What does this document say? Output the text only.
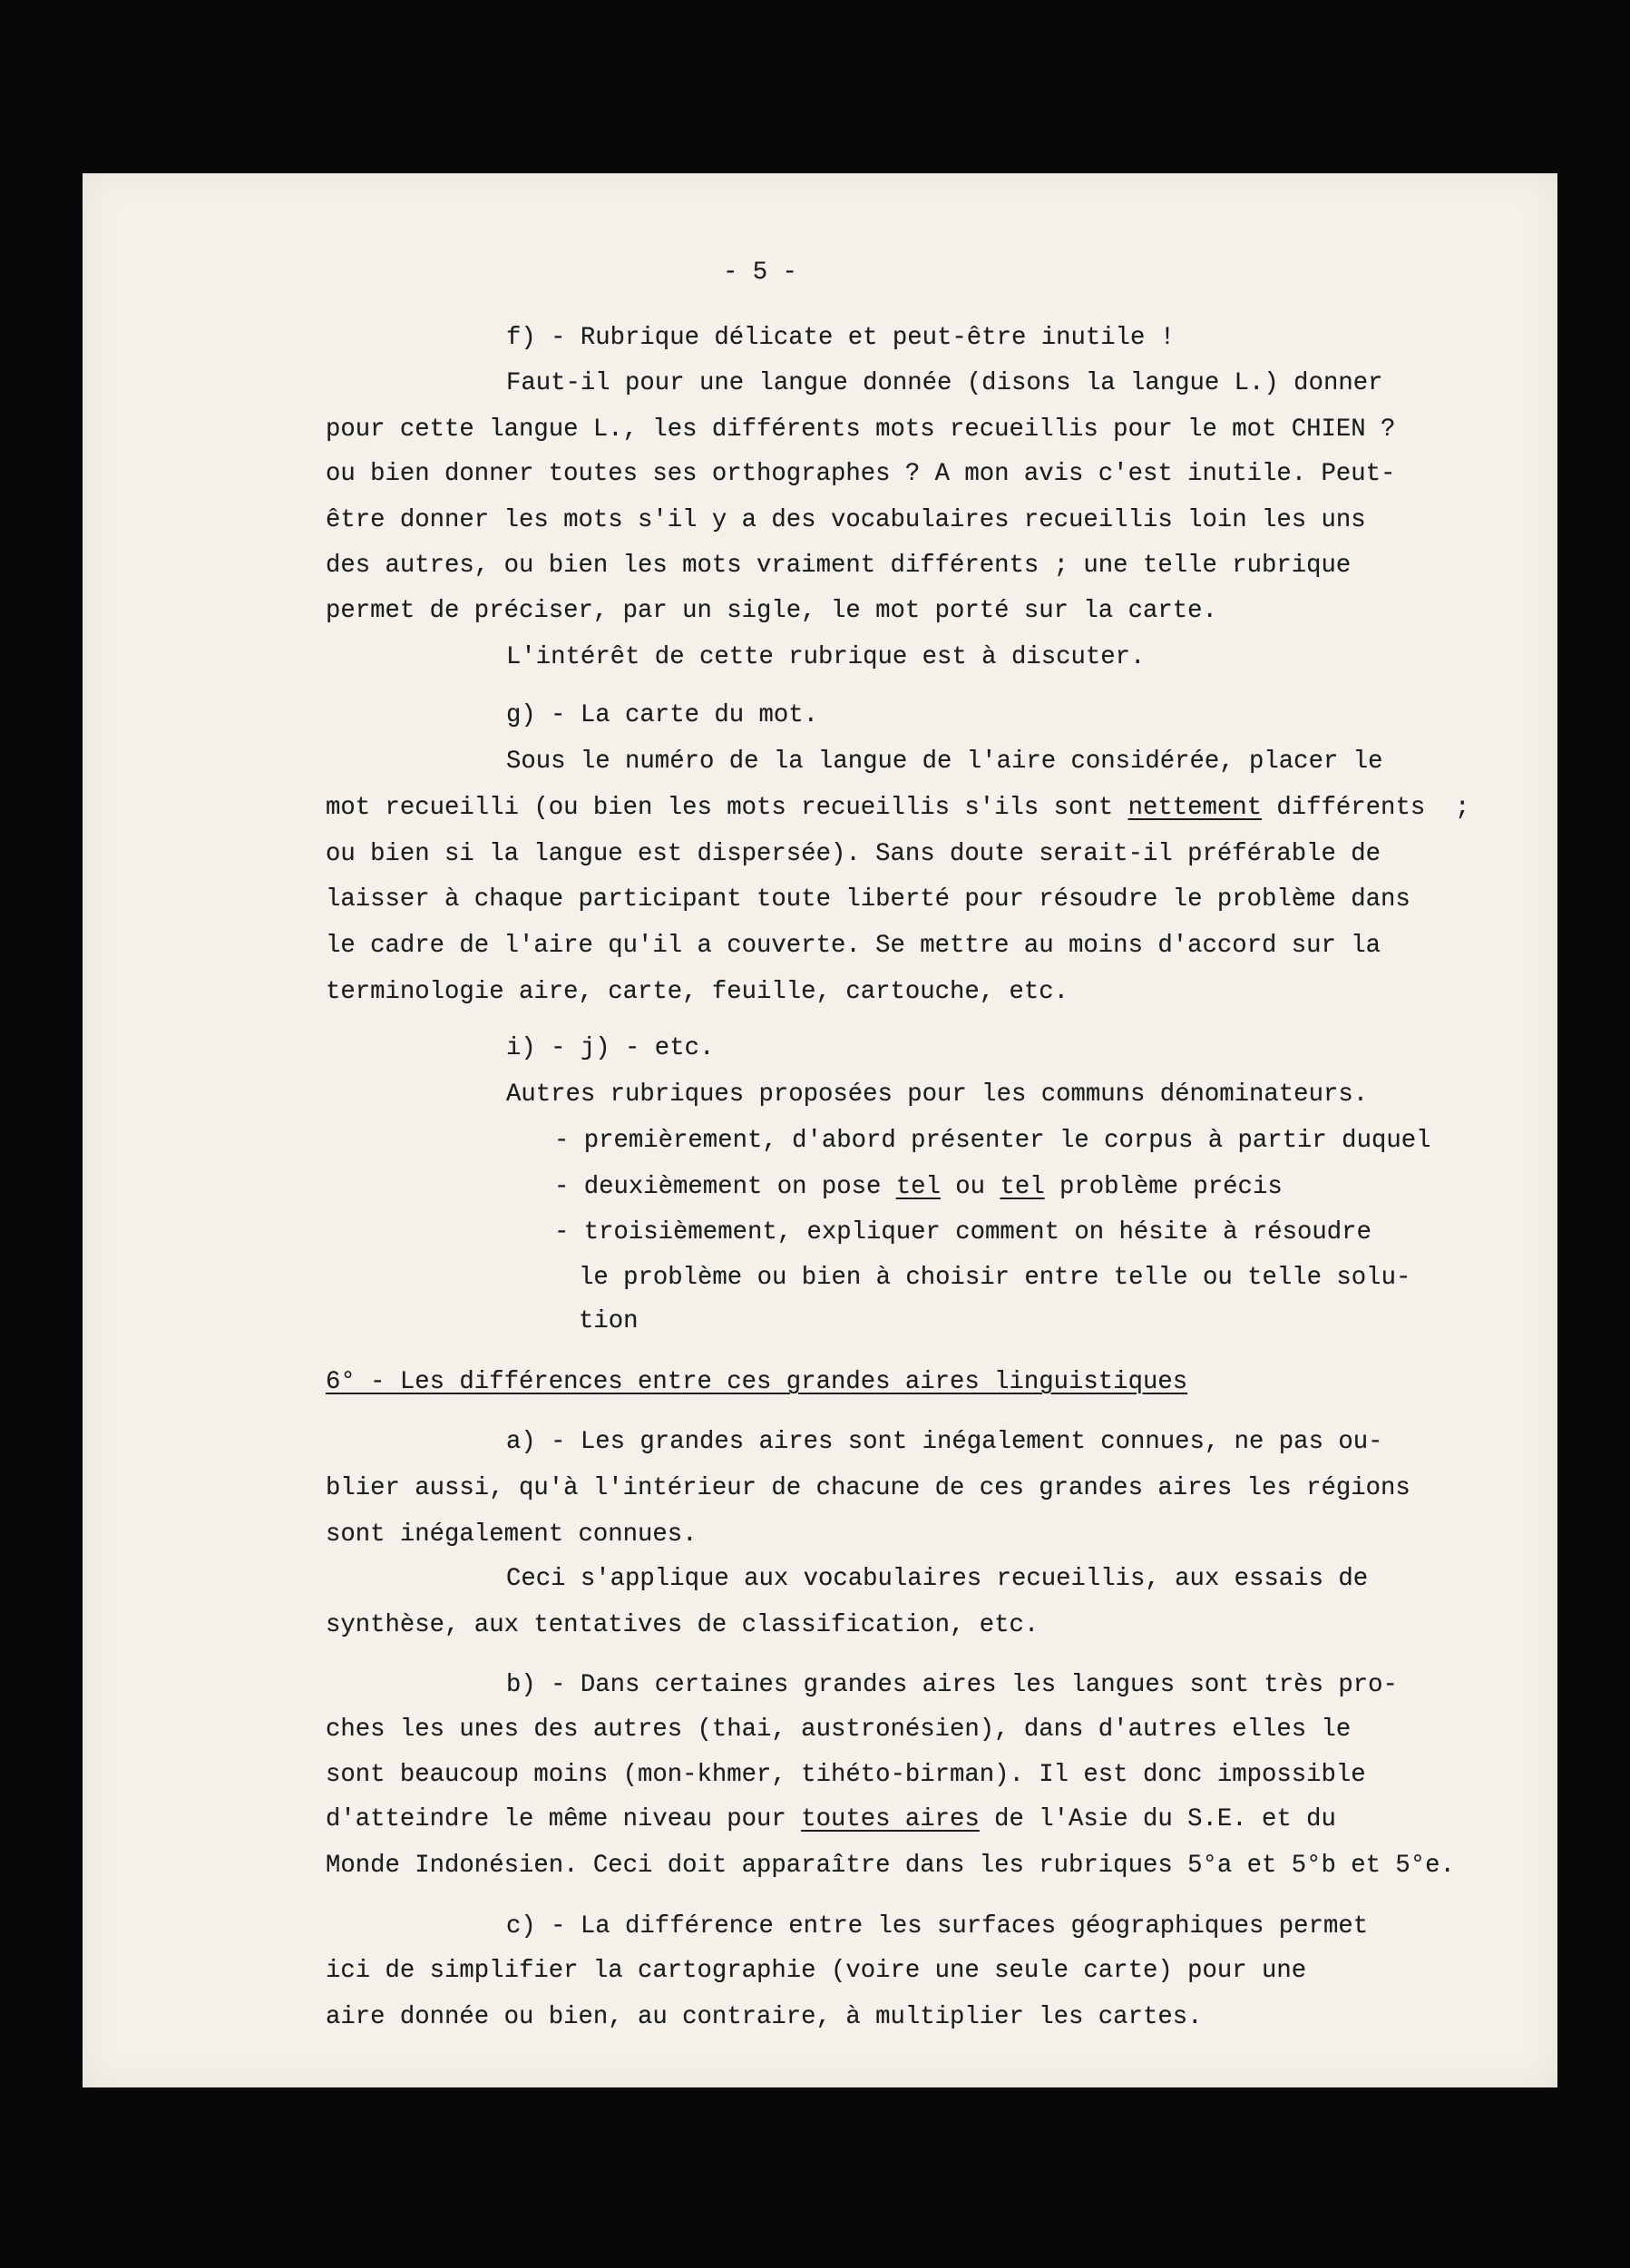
- 5 -
f) - Rubrique délicate et peut-être inutile !
Faut-il pour une langue donnée (disons la langue L.) donner
pour cette langue L., les différents mots recueillis pour le mot CHIEN ?
ou bien donner toutes ses orthographes ? A mon avis c'est inutile. Peut-
être donner les mots s'il y a des vocabulaires recueillis loin les uns
des autres, ou bien les mots vraiment différents ; une telle rubrique
permet de préciser, par un sigle, le mot porté sur la carte.
L'intérêt de cette rubrique est à discuter.
g) - La carte du mot.
Sous le numéro de la langue de l'aire considérée, placer le
mot recueilli (ou bien les mots recueillis s'ils sont nettement différents  ;
ou bien si la langue est dispersée). Sans doute serait-il préférable de
laisser à chaque participant toute liberté pour résoudre le problème dans
le cadre de l'aire qu'il a couverte. Se mettre au moins d'accord sur la
terminologie aire, carte, feuille, cartouche, etc.
i) - j) - etc.
Autres rubriques proposées pour les communs dénominateurs.
- premièrement, d'abord présenter le corpus à partir duquel
- deuxièmement on pose tel ou tel problème précis
- troisièmement, expliquer comment on hésite à résoudre
le problème ou bien à choisir entre telle ou telle solu-
tion
6° - Les différences entre ces grandes aires linguistiques
a) - Les grandes aires sont inégalement connues, ne pas ou-
blier aussi, qu'à l'intérieur de chacune de ces grandes aires les régions
sont inégalement connues.
Ceci s'applique aux vocabulaires recueillis, aux essais de
synthèse, aux tentatives de classification, etc.
b) - Dans certaines grandes aires les langues sont très pro-
ches les unes des autres (thai, austronésien), dans d'autres elles le
sont beaucoup moins (mon-khmer, tihéto-birman). Il est donc impossible
d'atteindre le même niveau pour toutes aires de l'Asie du S.E. et du
Monde Indonésien. Ceci doit apparaître dans les rubriques 5°a et 5°b et 5°e.
c) - La différence entre les surfaces géographiques permet
ici de simplifier la cartographie (voire une seule carte) pour une
aire donnée ou bien, au contraire, à multiplier les cartes.
